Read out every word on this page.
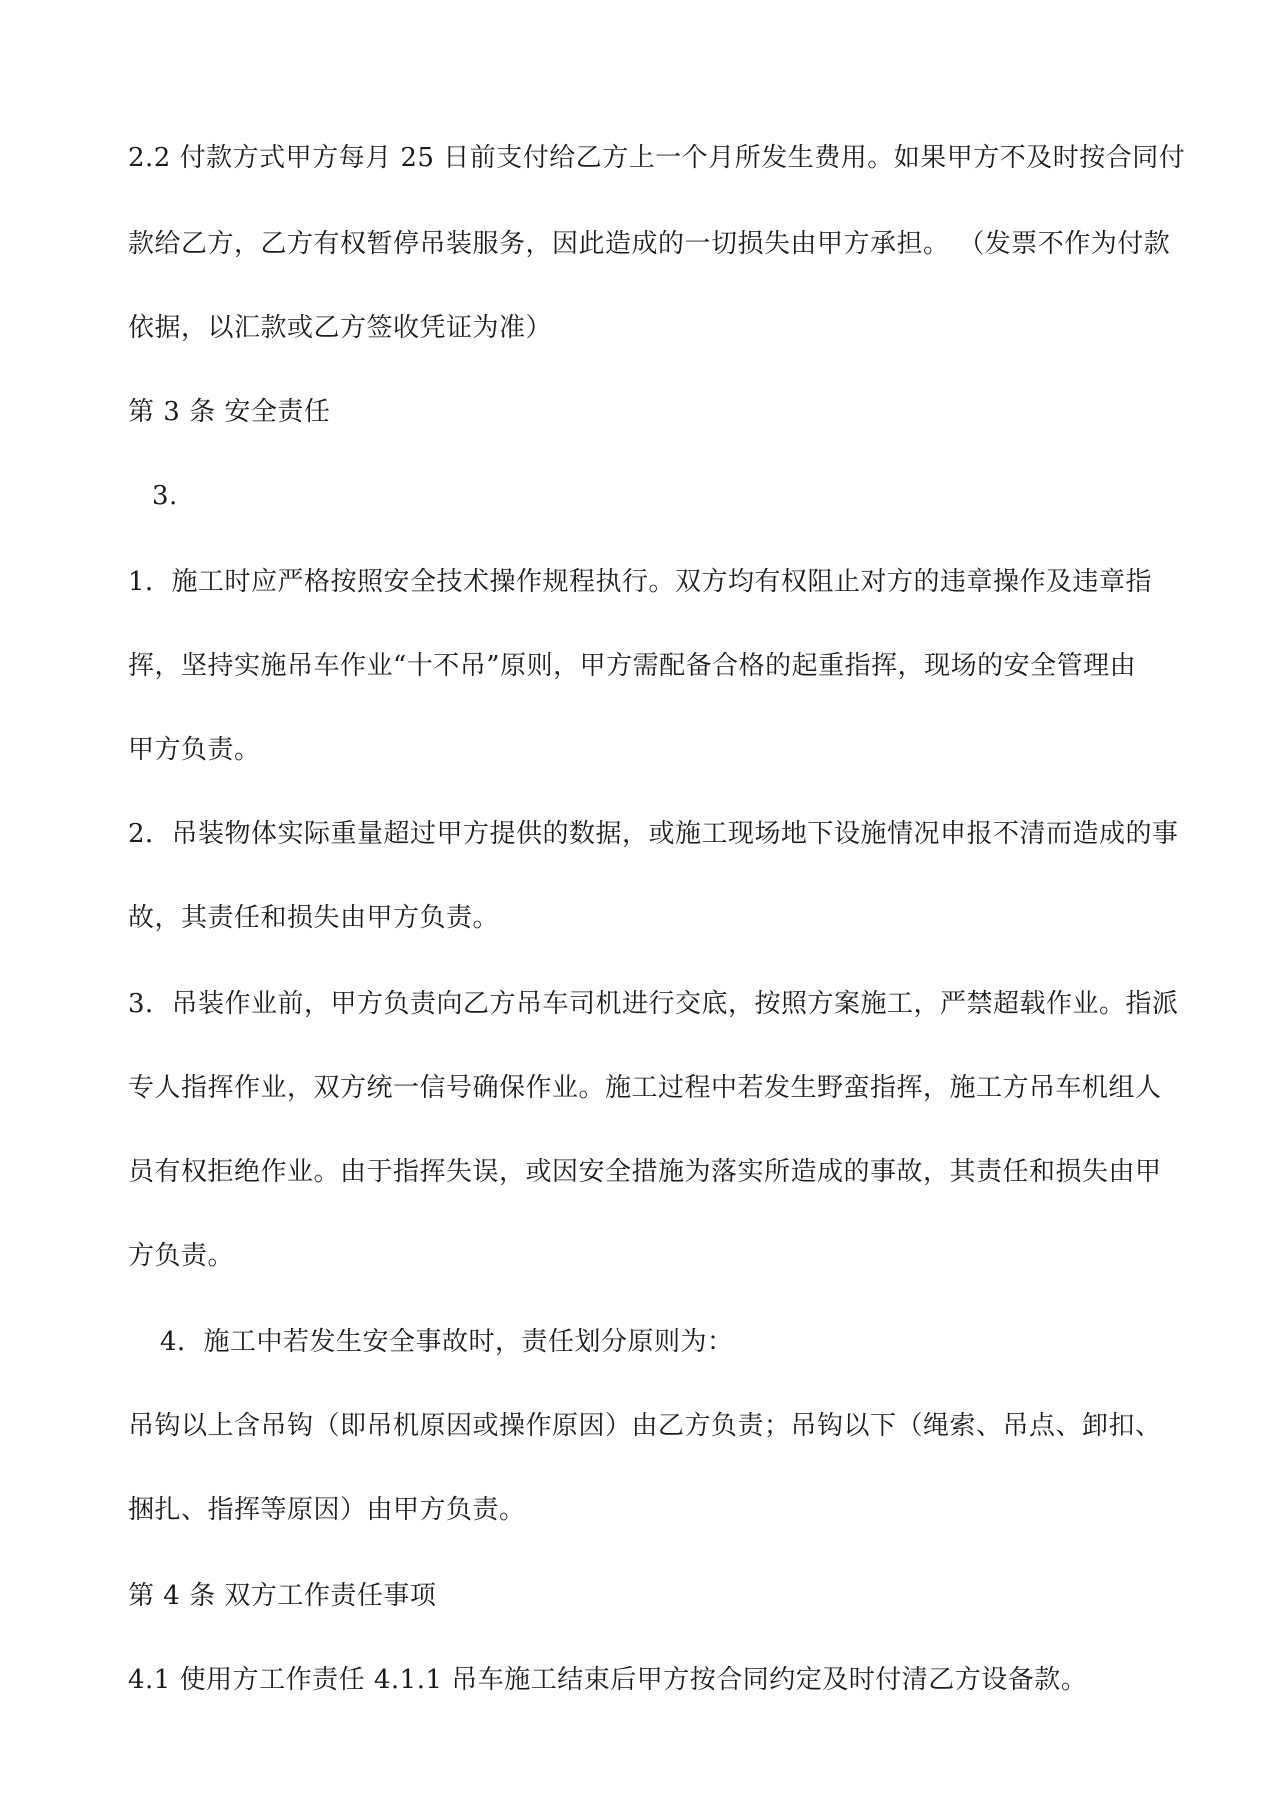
2.2 付款方式甲方每月 25 日前支付给乙方上一个月所发生费用。如果甲方不及时按合同付
款给乙方，乙方有权暂停吊装服务，因此造成的一切损失由甲方承担。 （发票不作为付款
依据，以汇款或乙方签收凭证为准）
第 3 条 安全责任
3.
1．施工时应严格按照安全技术操作规程执行。双方均有权阻止对方的违章操作及违章指
挥，坚持实施吊车作业“十不吊”原则，甲方需配备合格的起重指挥，现场的安全管理由
甲方负责。
2．吊装物体实际重量超过甲方提供的数据，或施工现场地下设施情况申报不清而造成的事
故，其责任和损失由甲方负责。
3．吊装作业前，甲方负责向乙方吊车司机进行交底，按照方案施工，严禁超载作业。指派
专人指挥作业，双方统一信号确保作业。施工过程中若发生野蛮指挥，施工方吊车机组人
员有权拒绝作业。由于指挥失误，或因安全措施为落实所造成的事故，其责任和损失由甲
方负责。
4．施工中若发生安全事故时，责任划分原则为：
吊钩以上含吊钩（即吊机原因或操作原因）由乙方负责；吊钩以下（绳索、吊点、卸扣、
捆扎、指挥等原因）由甲方负责。
第 4 条 双方工作责任事项
4.1 使用方工作责任 4.1.1 吊车施工结束后甲方按合同约定及时付清乙方设备款。
